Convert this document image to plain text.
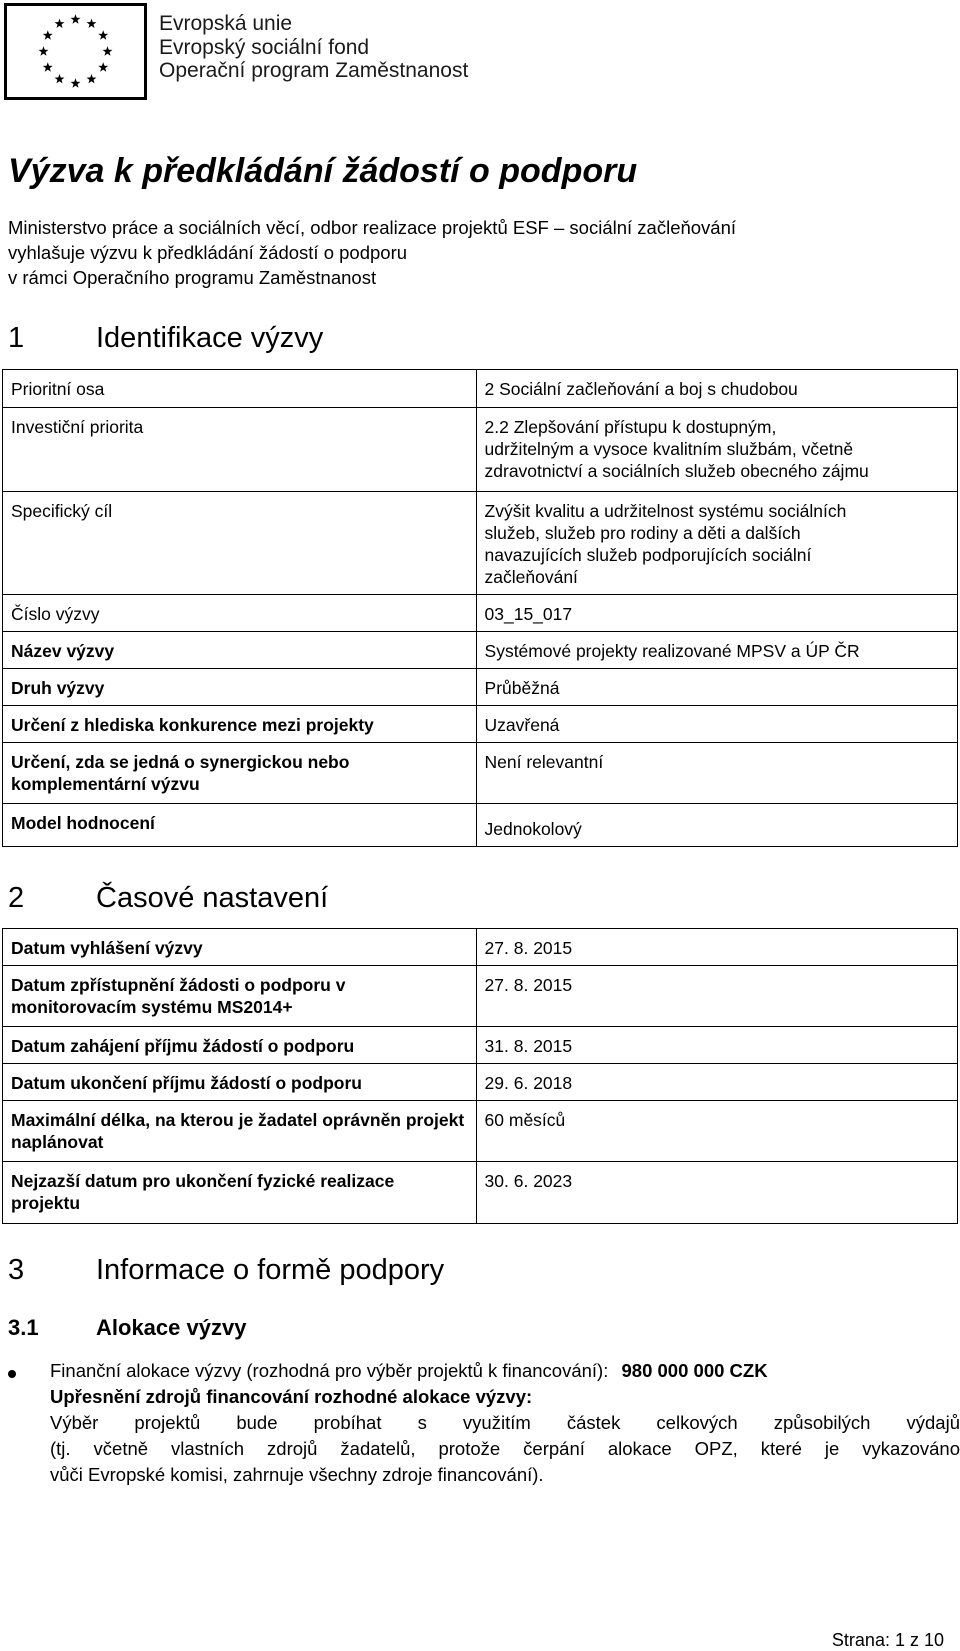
Evropská unie
Evropský sociální fond
Operační program Zaměstnanost
Výzva k předkládání žádostí o podporu
Ministerstvo práce a sociálních věcí, odbor realizace projektů ESF – sociální začleňování
vyhlašuje výzvu k předkládání žádostí o podporu
v rámci Operačního programu Zaměstnanost
1 Identifikace výzvy
Prioritní osa	2 Sociální začleňování a boj s chudobou
Investiční priorita	2.2 Zlepšování přístupu k dostupným,
udržitelným a vysoce kvalitním službám, včetně
zdravotnictví a sociálních služeb obecného zájmu

Specifický cíl	Zvýšit kvalitu a udržitelnost systému sociálních
služeb, služeb pro rodiny a děti a dalších
navazujících služeb podporujících sociální
začleňování

Číslo výzvy	03_15_017
Název výzvy	Systémové projekty realizované MPSV a ÚP ČR
Druh výzvy	Průběžná
Určení z hlediska konkurence mezi projekty	Uzavřená
Určení, zda se jedná o synergickou nebo komplementární výzvu	Není relevantní
Model hodnocení	Jednokolový
2 Časové nastavení
Datum vyhlášení výzvy	27. 8. 2015
Datum zpřístupnění žádosti o podporu v monitorovacím systému MS2014+	27. 8. 2015
Datum zahájení příjmu žádostí o podporu	31. 8. 2015
Datum ukončení příjmu žádostí o podporu	29. 6. 2018
Maximální délka, na kterou je žadatel oprávněn projekt naplánovat	60 měsíců
Nejzazší datum pro ukončení fyzické realizace projektu	30. 6. 2023
3 Informace o formě podpory
3.1	Alokace výzvy
Finanční alokace výzvy (rozhodná pro výběr projektů k financování): 980 000 000 CZK
Upřesnění zdrojů financování rozhodné alokace výzvy:
Výběr projektů bude probíhat s využitím částek celkových způsobilých výdajů
(tj. včetně vlastních zdrojů žadatelů, protože čerpání alokace OPZ, které je vykazováno
vůči Evropské komisi, zahrnuje všechny zdroje financování).
Strana: 1 z 10
